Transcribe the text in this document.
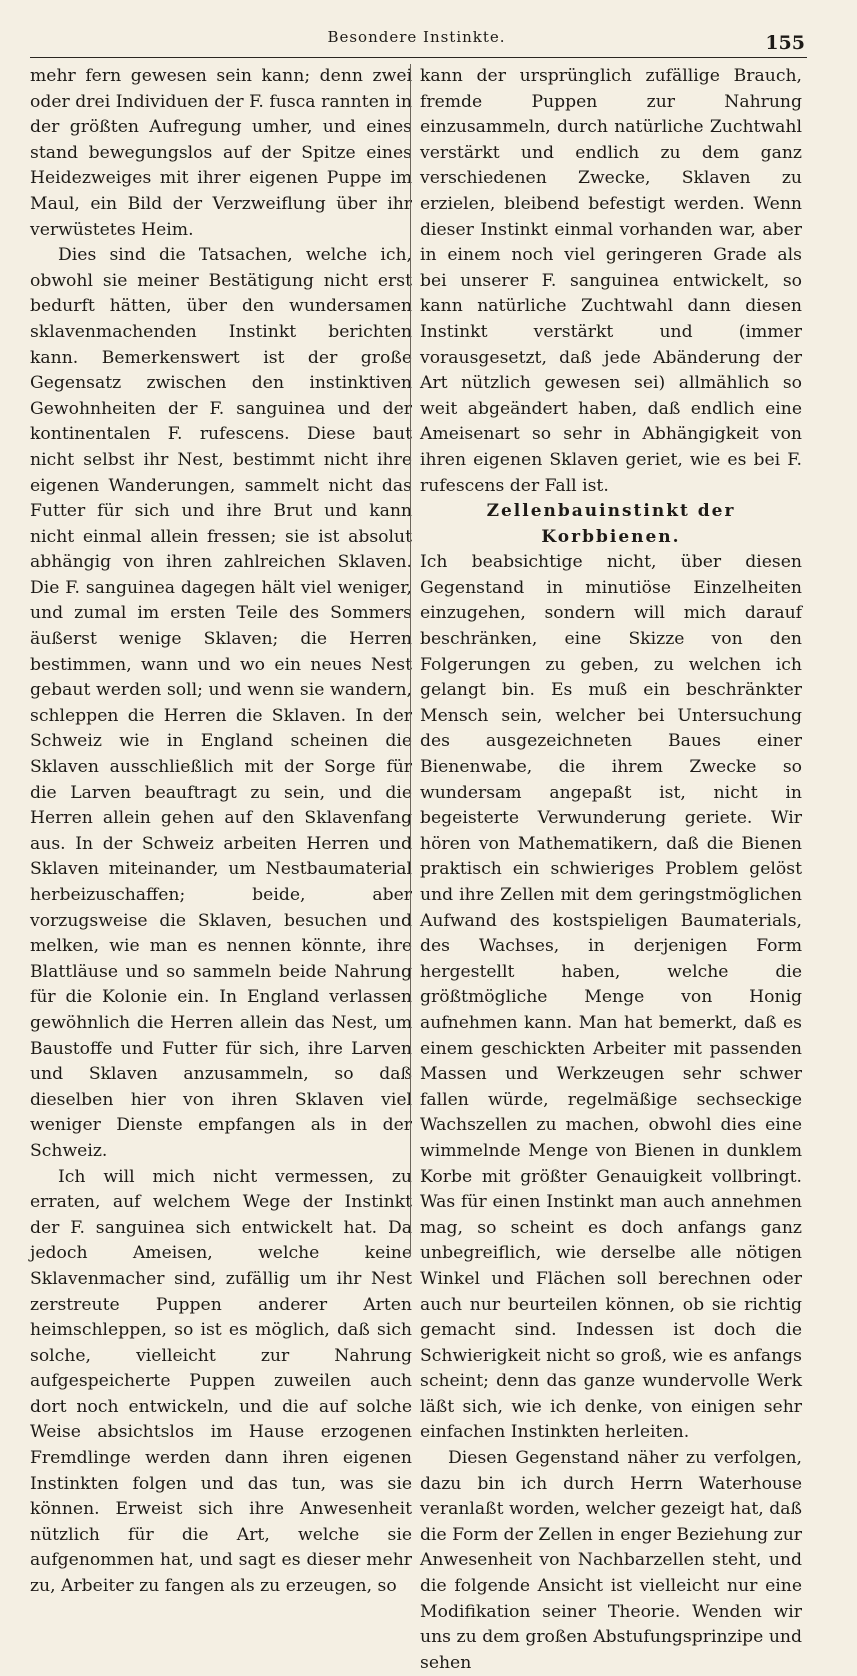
Besondere Instinkte.	155

mehr fern gewesen sein kann; denn zwei oder drei Individuen der F. fusca rannten in der größten Aufregung umher, und eines stand bewegungslos auf der Spitze eines Heidezweiges mit ihrer eigenen Puppe im Maul, ein Bild der Verzweiflung über ihr verwüstetes Heim.

Dies sind die Tatsachen, welche ich, obwohl sie meiner Bestätigung nicht erst bedurft hätten, über den wundersamen sklavenmachenden Instinkt berichten kann. Bemerkenswert ist der große Gegensatz zwischen den instinktiven Gewohnheiten der F. sanguinea und der kontinentalen F. rufescens. Diese baut nicht selbst ihr Nest, bestimmt nicht ihre eigenen Wanderungen, sammelt nicht das Futter für sich und ihre Brut und kann nicht einmal allein fressen; sie ist absolut abhängig von ihren zahlreichen Sklaven. Die F. sanguinea dagegen hält viel weniger, und zumal im ersten Teile des Sommers äußerst wenige Sklaven; die Herren bestimmen, wann und wo ein neues Nest gebaut werden soll; und wenn sie wandern, schleppen die Herren die Sklaven. In der Schweiz wie in England scheinen die Sklaven ausschließlich mit der Sorge für die Larven beauftragt zu sein, und die Herren allein gehen auf den Sklavenfang aus. In der Schweiz arbeiten Herren und Sklaven miteinander, um Nestbaumaterial herbeizuschaffen; beide, aber vorzugsweise die Sklaven, besuchen und melken, wie man es nennen könnte, ihre Blattläuse und so sammeln beide Nahrung für die Kolonie ein. In England verlassen gewöhnlich die Herren allein das Nest, um Baustoffe und Futter für sich, ihre Larven und Sklaven anzusammeln, so daß dieselben hier von ihren Sklaven viel weniger Dienste empfangen als in der Schweiz.

Ich will mich nicht vermessen, zu erraten, auf welchem Wege der Instinkt der F. sanguinea sich entwickelt hat. Da jedoch Ameisen, welche keine Sklavenmacher sind, zufällig um ihr Nest zerstreute Puppen anderer Arten heimschleppen, so ist es möglich, daß sich solche, vielleicht zur Nahrung aufgespeicherte Puppen zuweilen auch dort noch entwickeln, und die auf solche Weise absichtslos im Hause erzogenen Fremdlinge werden dann ihren eigenen Instinkten folgen und das tun, was sie können. Erweist sich ihre Anwesenheit nützlich für die Art, welche sie aufgenommen hat, und sagt es dieser mehr zu, Arbeiter zu fangen als zu erzeugen, so

kann der ursprünglich zufällige Brauch, fremde Puppen zur Nahrung einzusammeln, durch natürliche Zuchtwahl verstärkt und endlich zu dem ganz verschiedenen Zwecke, Sklaven zu erzielen, bleibend befestigt werden. Wenn dieser Instinkt einmal vorhanden war, aber in einem noch viel geringeren Grade als bei unserer F. sanguinea entwickelt, so kann natürliche Zuchtwahl dann diesen Instinkt verstärkt und (immer vorausgesetzt, daß jede Abänderung der Art nützlich gewesen sei) allmählich so weit abgeändert haben, daß endlich eine Ameisenart so sehr in Abhängigkeit von ihren eigenen Sklaven geriet, wie es bei F. rufescens der Fall ist.

Zellenbauinstinkt der Korbbienen.

Ich beabsichtige nicht, über diesen Gegenstand in minutiöse Einzelheiten einzugehen, sondern will mich darauf beschränken, eine Skizze von den Folgerungen zu geben, zu welchen ich gelangt bin. Es muß ein beschränkter Mensch sein, welcher bei Untersuchung des ausgezeichneten Baues einer Bienenwabe, die ihrem Zwecke so wundersam angepaßt ist, nicht in begeisterte Verwunderung geriete. Wir hören von Mathematikern, daß die Bienen praktisch ein schwieriges Problem gelöst und ihre Zellen mit dem geringstmöglichen Aufwand des kostspieligen Baumaterials, des Wachses, in derjenigen Form hergestellt haben, welche die größtmögliche Menge von Honig aufnehmen kann. Man hat bemerkt, daß es einem geschickten Arbeiter mit passenden Massen und Werkzeugen sehr schwer fallen würde, regelmäßige sechseckige Wachszellen zu machen, obwohl dies eine wimmelnde Menge von Bienen in dunklem Korbe mit größter Genauigkeit vollbringt. Was für einen Instinkt man auch annehmen mag, so scheint es doch anfangs ganz unbegreiflich, wie derselbe alle nötigen Winkel und Flächen soll berechnen oder auch nur beurteilen können, ob sie richtig gemacht sind. Indessen ist doch die Schwierigkeit nicht so groß, wie es anfangs scheint; denn das ganze wundervolle Werk läßt sich, wie ich denke, von einigen sehr einfachen Instinkten herleiten.

Diesen Gegenstand näher zu verfolgen, dazu bin ich durch Herrn Waterhouse veranlaßt worden, welcher gezeigt hat, daß die Form der Zellen in enger Beziehung zur Anwesenheit von Nachbarzellen steht, und die folgende Ansicht ist vielleicht nur eine Modifikation seiner Theorie. Wenden wir uns zu dem großen Abstufungsprinzipe und sehen
